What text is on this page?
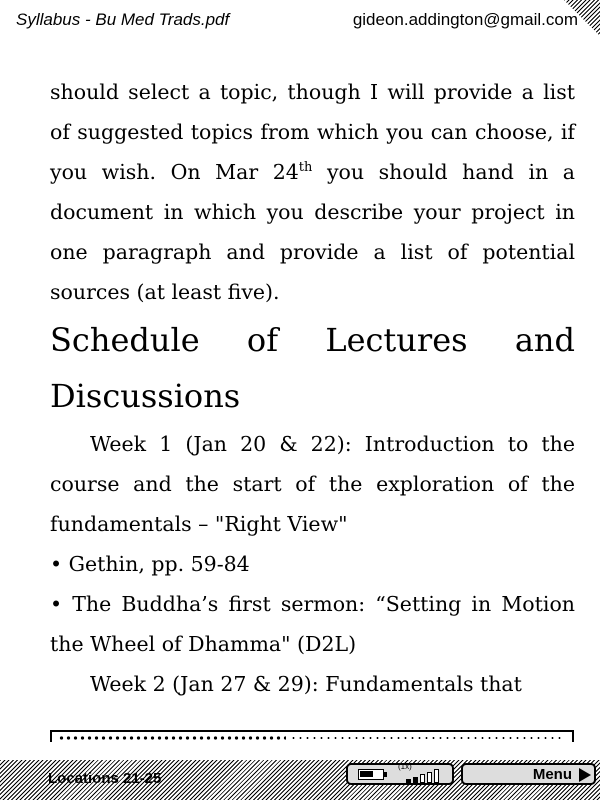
Syllabus - Bu Med Trads.pdf	gideon.addington@gmail.com

should select a topic, though I will provide a list of suggested topics from which you can choose, if you wish. On Mar 24th you should hand in a document in which you describe your project in one paragraph and provide a list of potential sources (at least five).

Schedule of Lectures and Discussions

Week 1 (Jan 20 & 22): Introduction to the course and the start of the exploration of the fundamentals – "Right View"

• Gethin, pp. 59-84

• The Buddha’s first sermon: “Setting in Motion the Wheel of Dhamma" (D2L)

Week 2 (Jan 27 & 29): Fundamentals that

Locations 21-25
(1x)	Menu
